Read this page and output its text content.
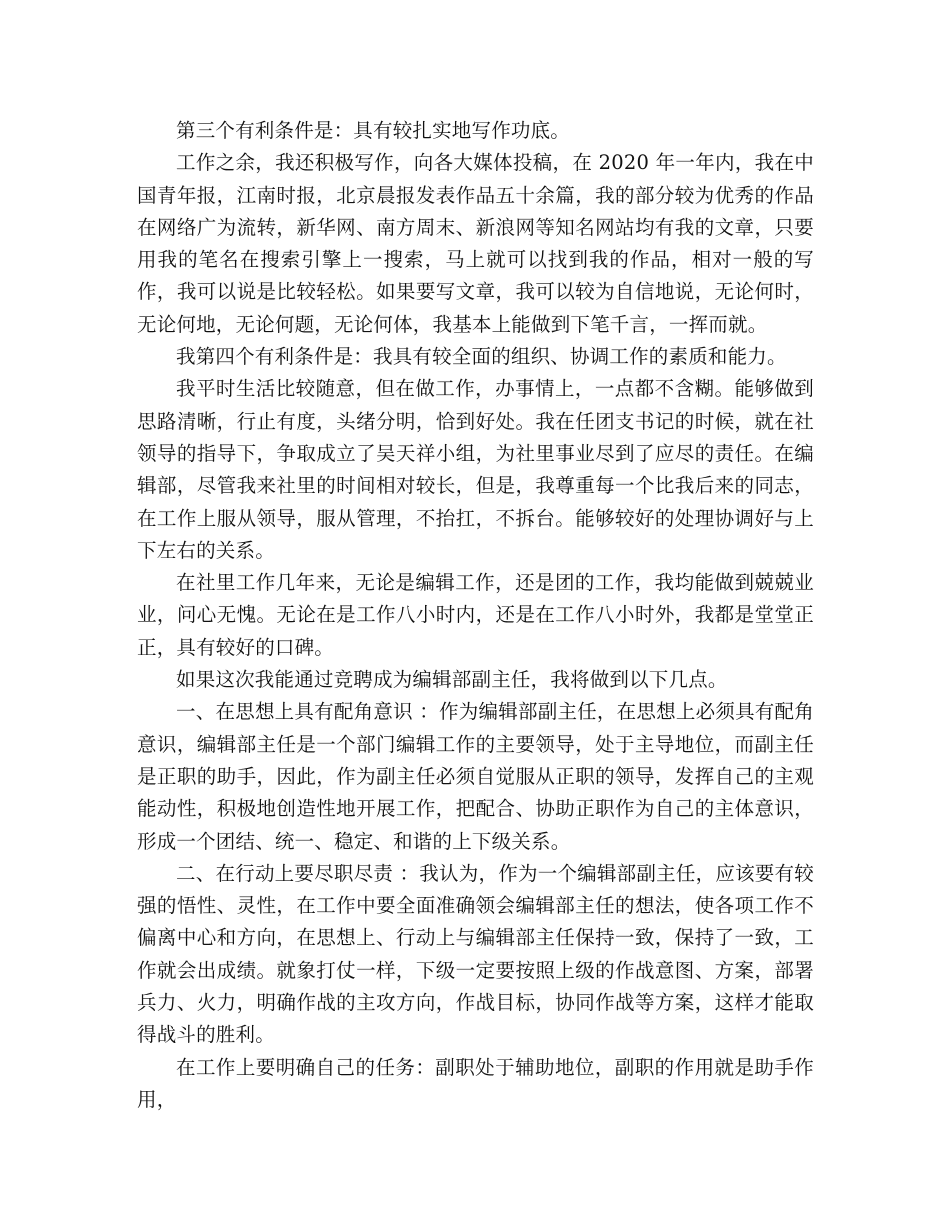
第三个有利条件是：具有较扎实地写作功底。

工作之余，我还积极写作，向各大媒体投稿，在 2020 年一年内，我在中国青年报，江南时报，北京晨报发表作品五十余篇，我的部分较为优秀的作品在网络广为流转，新华网、南方周末、新浪网等知名网站均有我的文章，只要用我的笔名在搜索引擎上一搜索，马上就可以找到我的作品，相对一般的写作，我可以说是比较轻松。如果要写文章，我可以较为自信地说，无论何时，无论何地，无论何题，无论何体，我基本上能做到下笔千言，一挥而就。

我第四个有利条件是：我具有较全面的组织、协调工作的素质和能力。

我平时生活比较随意，但在做工作，办事情上，一点都不含糊。能够做到思路清晰，行止有度，头绪分明，恰到好处。我在任团支书记的时候，就在社领导的指导下，争取成立了吴天祥小组，为社里事业尽到了应尽的责任。在编辑部，尽管我来社里的时间相对较长，但是，我尊重每一个比我后来的同志，在工作上服从领导，服从管理，不抬扛，不拆台。能够较好的处理协调好与上下左右的关系。

在社里工作几年来，无论是编辑工作，还是团的工作，我均能做到兢兢业业，问心无愧。无论在是工作八小时内，还是在工作八小时外，我都是堂堂正正，具有较好的口碑。

如果这次我能通过竞聘成为编辑部副主任，我将做到以下几点。

一、在思想上具有配角意识 ：作为编辑部副主任，在思想上必须具有配角意识，编辑部主任是一个部门编辑工作的主要领导，处于主导地位，而副主任是正职的助手，因此，作为副主任必须自觉服从正职的领导，发挥自己的主观能动性，积极地创造性地开展工作，把配合、协助正职作为自己的主体意识，形成一个团结、统一、稳定、和谐的上下级关系。

二、在行动上要尽职尽责 ：我认为，作为一个编辑部副主任，应该要有较强的悟性、灵性，在工作中要全面准确领会编辑部主任的想法，使各项工作不偏离中心和方向，在思想上、行动上与编辑部主任保持一致，保持了一致，工作就会出成绩。就象打仗一样，下级一定要按照上级的作战意图、方案，部署兵力、火力，明确作战的主攻方向，作战目标，协同作战等方案，这样才能取得战斗的胜利。

在工作上要明确自己的任务：副职处于辅助地位，副职的作用就是助手作用，
